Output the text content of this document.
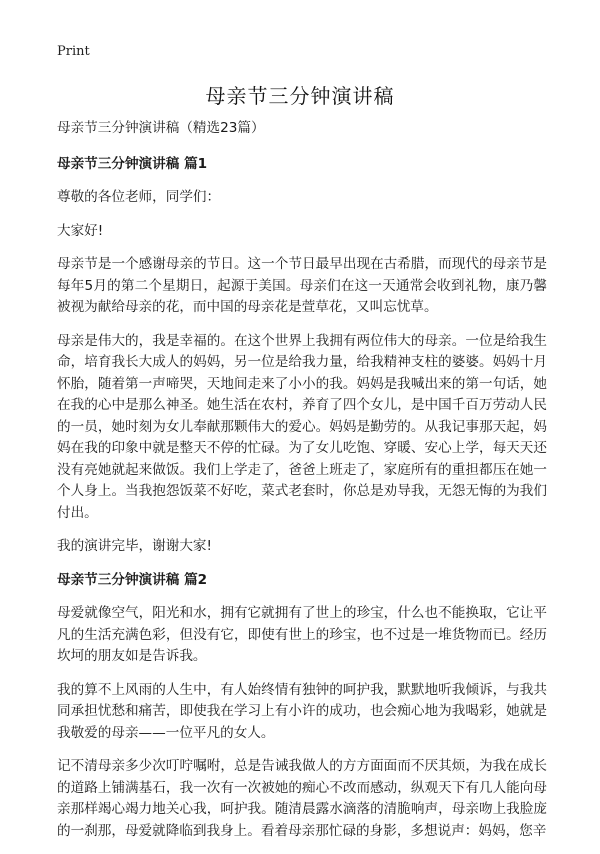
Print
母亲节三分钟演讲稿

母亲节三分钟演讲稿（精选23篇）

母亲节三分钟演讲稿 篇1

尊敬的各位老师，同学们：

大家好!

母亲节是一个感谢母亲的节日。这一个节日最早出现在古希腊，而现代的母亲节是每年5月的第二个星期日，起源于美国。母亲们在这一天通常会收到礼物，康乃馨被视为献给母亲的花，而中国的母亲花是萱草花，又叫忘忧草。

母亲是伟大的，我是幸福的。在这个世界上我拥有两位伟大的母亲。一位是给我生命，培育我长大成人的妈妈，另一位是给我力量，给我精神支柱的婆婆。妈妈十月怀胎，随着第一声啼哭，天地间走来了小小的我。妈妈是我喊出来的第一句话，她在我的心中是那么神圣。她生活在农村，养育了四个女儿，是中国千百万劳动人民的一员，她时刻为女儿奉献那颗伟大的爱心。妈妈是勤劳的。从我记事那天起，妈妈在我的印象中就是整天不停的忙碌。为了女儿吃饱、穿暖、安心上学，每天天还没有亮她就起来做饭。我们上学走了，爸爸上班走了，家庭所有的重担都压在她一个人身上。当我抱怨饭菜不好吃，菜式老套时，你总是劝导我，无怨无悔的为我们付出。

我的演讲完毕，谢谢大家!

母亲节三分钟演讲稿 篇2

母爱就像空气，阳光和水，拥有它就拥有了世上的珍宝，什么也不能换取，它让平凡的生活充满色彩，但没有它，即使有世上的珍宝，也不过是一堆货物而已。经历坎坷的朋友如是告诉我。

我的算不上风雨的人生中，有人始终情有独钟的呵护我，默默地听我倾诉，与我共同承担忧愁和痛苦，即使我在学习上有小许的成功，也会痴心地为我喝彩，她就是我敬爱的母亲——一位平凡的女人。

记不清母亲多少次叮咛嘱咐，总是告诫我做人的方方面面而不厌其烦，为我在成长的道路上铺满基石，我一次有一次被她的痴心不改而感动，纵观天下有几人能向母亲那样竭心竭力地关心我，呵护我。随清晨露水滴落的清脆响声，母亲吻上我脸庞的一刹那，母爱就降临到我身上。看着母亲那忙碌的身影，多想说声：妈妈，您辛
